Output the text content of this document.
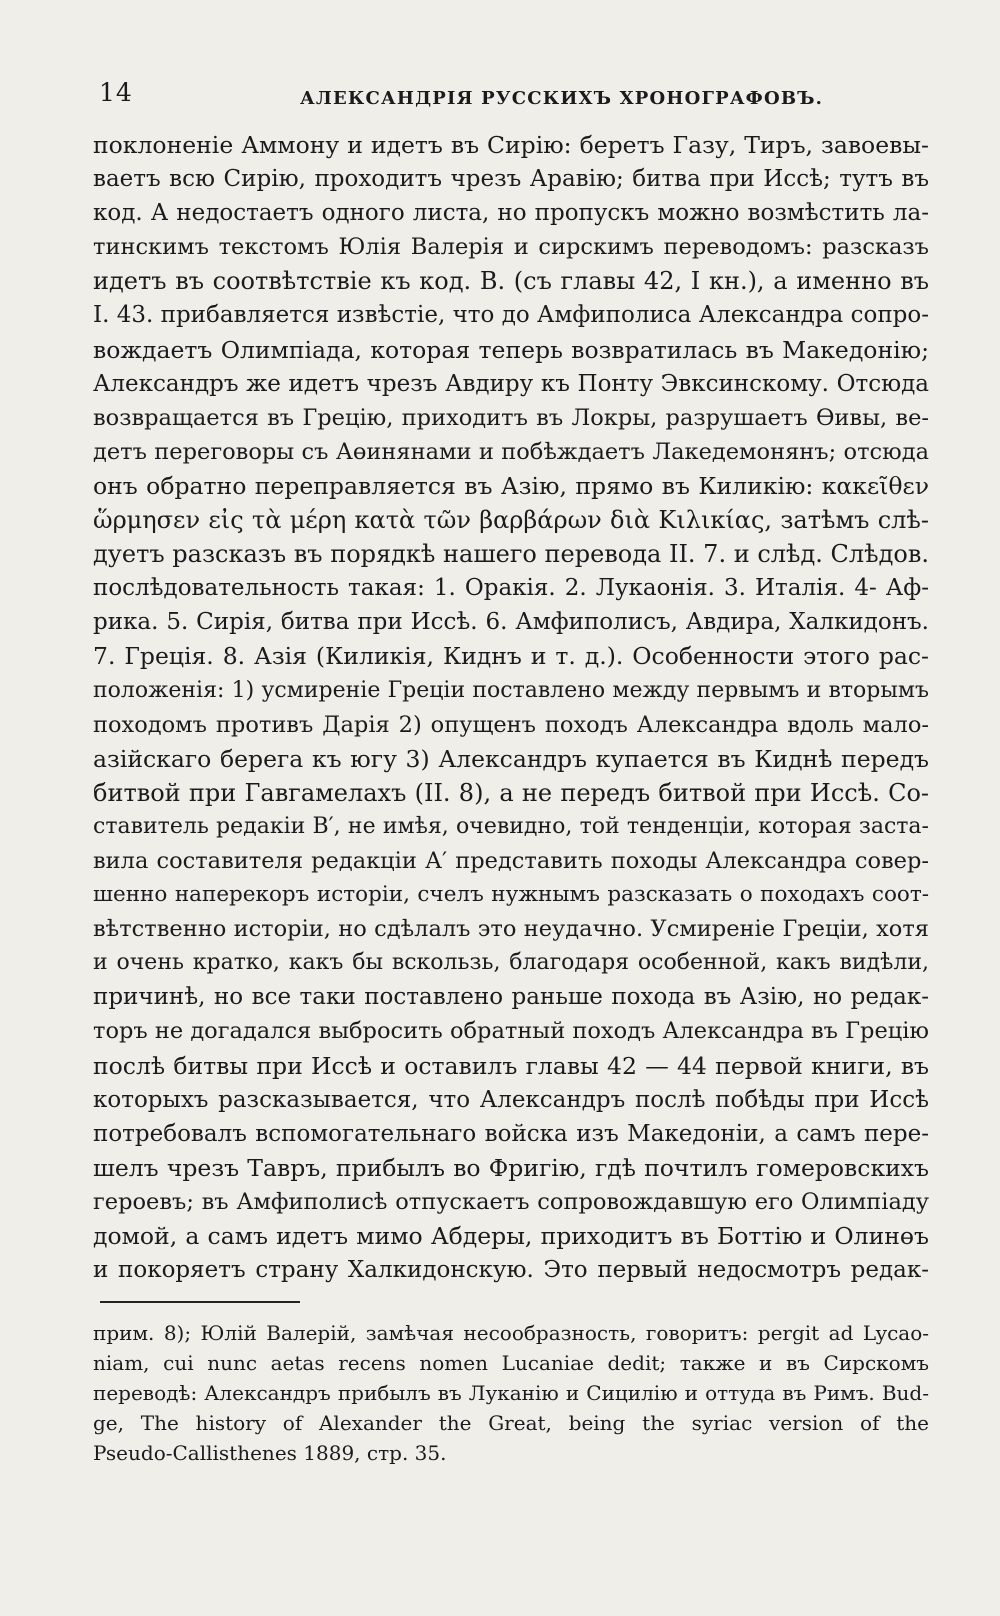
14	АЛЕКСАНДРІЯ РУССКИХЪ ХРОНОГРАФОВЪ.
поклоненіе Аммону и идетъ въ Сирію: беретъ Газу, Тиръ, завоевы-
ваетъ всю Сирію, проходитъ чрезъ Аравію; битва при Иссѣ; тутъ въ
код. А недостаетъ одного листа, но пропускъ можно возмѣстить ла-
тинскимъ текстомъ Юлія Валерія и сирскимъ переводомъ: разсказъ
идетъ въ соотвѣтствіе къ код. В. (съ главы 42, I кн.), а именно въ
I. 43. прибавляется извѣстіе, что до Амфиполиса Александра сопро-
вождаетъ Олимпіада, которая теперь возвратилась въ Македонію;
Александръ же идетъ чрезъ Авдиру къ Понту Эвксинскому. Отсюда
возвращается въ Грецію, приходитъ въ Локры, разрушаетъ Өивы, ве-
детъ переговоры съ Аөинянами и побѣждаетъ Лакедемонянъ; отсюда
онъ обратно переправляется въ Азію, прямо въ Киликію: κακεῖθεν
ὥρμησεν εἰς τὰ μέρη κατὰ τῶν βαρβάρων διὰ Κιλικίας, затѣмъ слѣ-
дуетъ разсказъ въ порядкѣ нашего перевода II. 7. и слѣд. Слѣдов.
послѣдовательность такая: 1. Оракія. 2. Лукаонія. 3. Италія. 4- Аф-
рика. 5. Сирія, битва при Иссѣ. 6. Амфиполисъ, Авдира, Халкидонъ.
7. Греція. 8. Азія (Киликія, Киднъ и т. д.). Особенности этого рас-
положенія: 1) усмиреніе Греціи поставлено между первымъ и вторымъ
походомъ противъ Дарія 2) опущенъ походъ Александра вдоль мало-
азійскаго берега къ югу 3) Александръ купается въ Киднѣ передъ
битвой при Гавгамелахъ (II. 8), а не передъ битвой при Иссѣ. Со-
ставитель редакіи В′, не имѣя, очевидно, той тенденціи, которая заста-
вила составителя редакціи А′ представить походы Александра совер-
шенно наперекоръ исторіи, счелъ нужнымъ разсказать о походахъ соот-
вѣтственно исторіи, но сдѣлалъ это неудачно. Усмиреніе Греціи, хотя
и очень кратко, какъ бы вскользь, благодаря особенной, какъ видѣли,
причинѣ, но все таки поставлено раньше похода въ Азію, но редак-
торъ не догадался выбросить обратный походъ Александра въ Грецію
послѣ битвы при Иссѣ и оставилъ главы 42 — 44 первой книги, въ
которыхъ разсказывается, что Александръ послѣ побѣды при Иссѣ
потребовалъ вспомогательнаго войска изъ Македоніи, а самъ пере-
шелъ чрезъ Тавръ, прибылъ во Фригію, гдѣ почтилъ гомеровскихъ
героевъ; въ Амфиполисѣ отпускаетъ сопровождавшую его Олимпіаду
домой, а самъ идетъ мимо Абдеры, приходитъ въ Боттію и Олинөъ
и покоряетъ страну Халкидонскую. Это первый недосмотръ редак-
прим. 8); Юлій Валерій, замѣчая несообразность, говоритъ: pergit ad Lycao-
niam, cui nunc aetas recens nomen Lucaniae dedit; также и въ Сирскомъ
переводѣ: Александръ прибылъ въ Луканію и Сицилію и оттуда въ Римъ. Bud-
ge, The history of Alexander the Great, being the syriac version of the
Pseudo-Callisthenes 1889, стр. 35.
